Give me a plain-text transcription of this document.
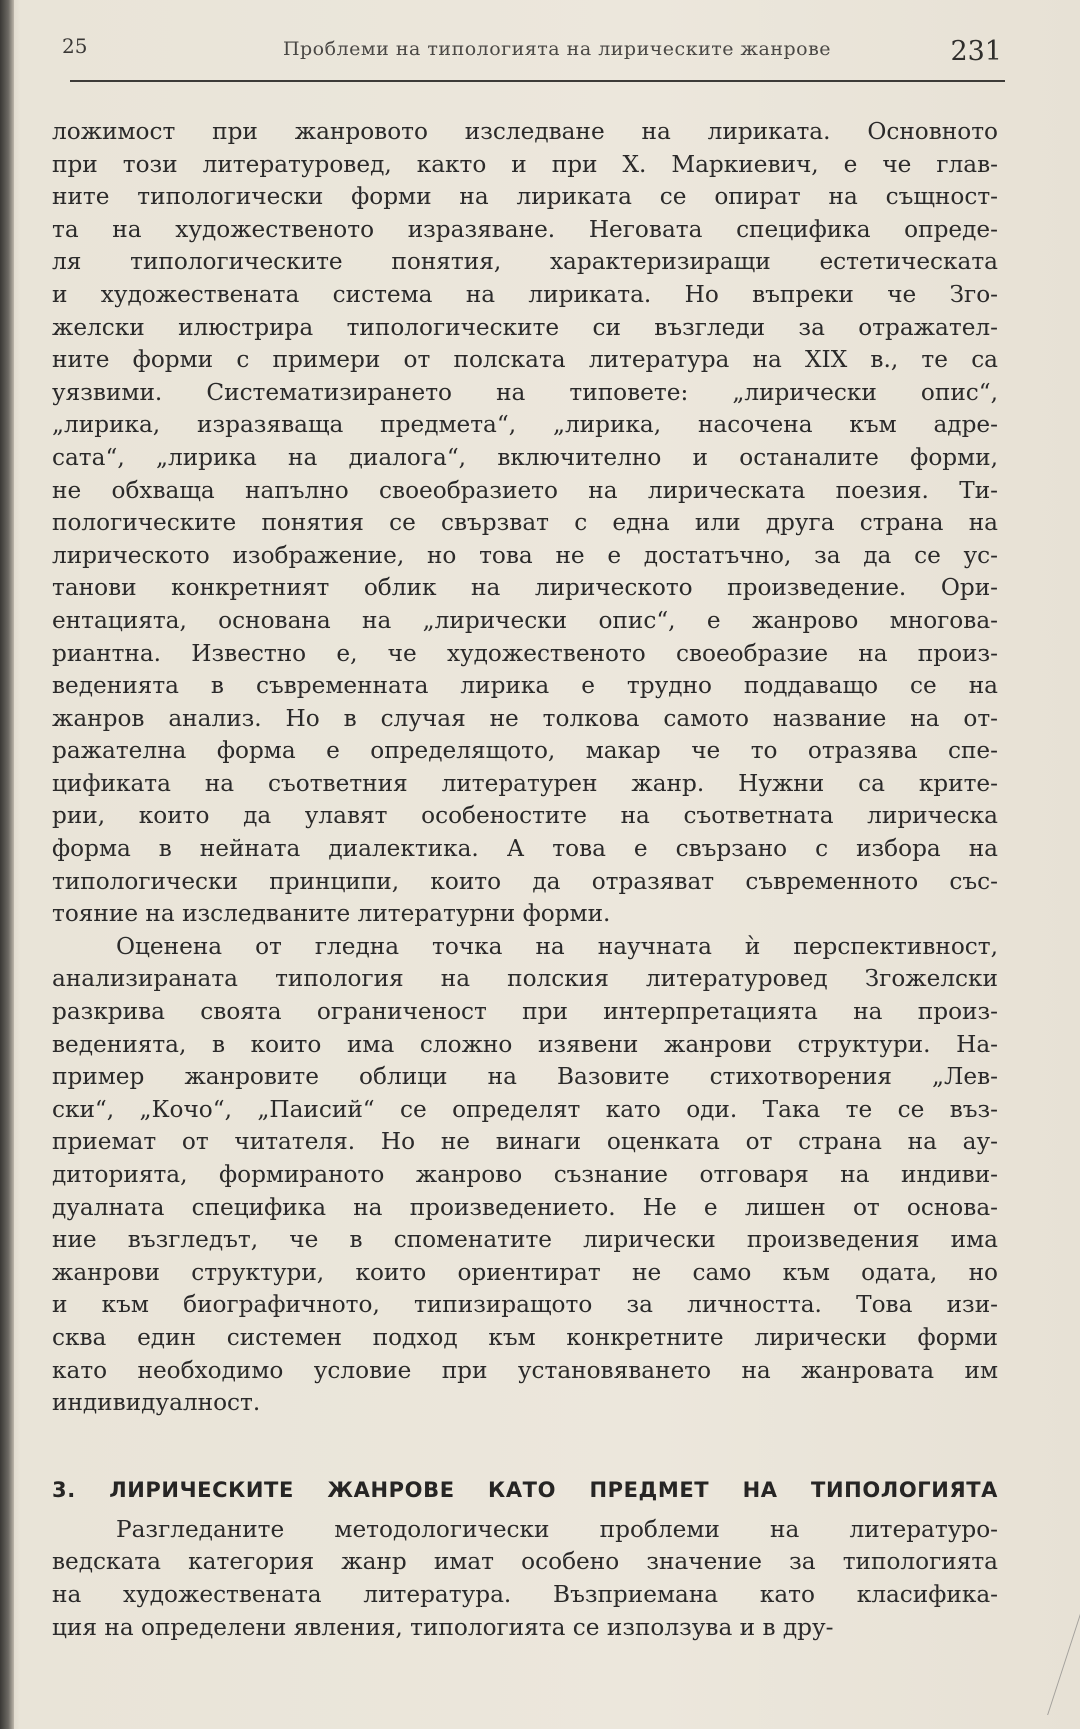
25	Проблеми на типологията на лирическите жанрове	231
ложимост при жанровото изследване на лириката. Основното
при този литературовед, както и при Х. Маркиевич, е че глав-
ните типологически форми на лириката се опират на същност-
та на художественото изразяване. Неговата специфика опреде-
ля типологическите понятия, характеризиращи естетическата
и художествената система на лириката. Но въпреки че Зго-
желски илюстрира типологическите си възгледи за отражател-
ните форми с примери от полската литература на XIX в., те са
уязвими. Систематизирането на типовете: „лирически опис“,
„лирика, изразяваща предмета“, „лирика, насочена към адре-
сата“, „лирика на диалога“, включително и останалите форми,
не обхваща напълно своеобразието на лирическата поезия. Ти-
пологическите понятия се свързват с една или друга страна на
лирическото изображение, но това не е достатъчно, за да се ус-
танови конкретният облик на лирическото произведение. Ори-
ентацията, основана на „лирически опис“, е жанрово многова-
риантна. Известно е, че художественото своеобразие на произ-
веденията в съвременната лирика е трудно поддаващо се на
жанров анализ. Но в случая не толкова самото название на от-
ражателна форма е определящото, макар че то отразява спе-
цификата на съответния литературен жанр. Нужни са крите-
рии, които да улавят особеностите на съответната лирическа
форма в нейната диалектика. А това е свързано с избора на
типологически принципи, които да отразяват съвременното със-
тояние на изследваните литературни форми.
Оценена от гледна точка на научната ѝ перспективност,
анализираната типология на полския литературовед Згожелски
разкрива своята ограниченост при интерпретацията на произ-
веденията, в които има сложно изявени жанрови структури. На-
пример жанровите облици на Вазовите стихотворения „Лев-
ски“, „Кочо“, „Паисий“ се определят като оди. Така те се въз-
приемат от читателя. Но не винаги оценката от страна на ау-
диторията, формираното жанрово съзнание отговаря на индиви-
дуалната специфика на произведението. Не е лишен от основа-
ние възгледът, че в споменатите лирически произведения има
жанрови структури, които ориентират не само към одата, но
и към биографичното, типизиращото за личността. Това изи-
сква един системен подход към конкретните лирически форми
като необходимо условие при установяването на жанровата им
индивидуалност.
3. ЛИРИЧЕСКИТЕ ЖАНРОВЕ КАТО ПРЕДМЕТ НА ТИПОЛОГИЯТА
Разгледаните методологически проблеми на литературо-
ведската категория жанр имат особено значение за типологията
на художествената литература. Възприемана като класифика-
ция на определени явления, типологията се използува и в дру-
